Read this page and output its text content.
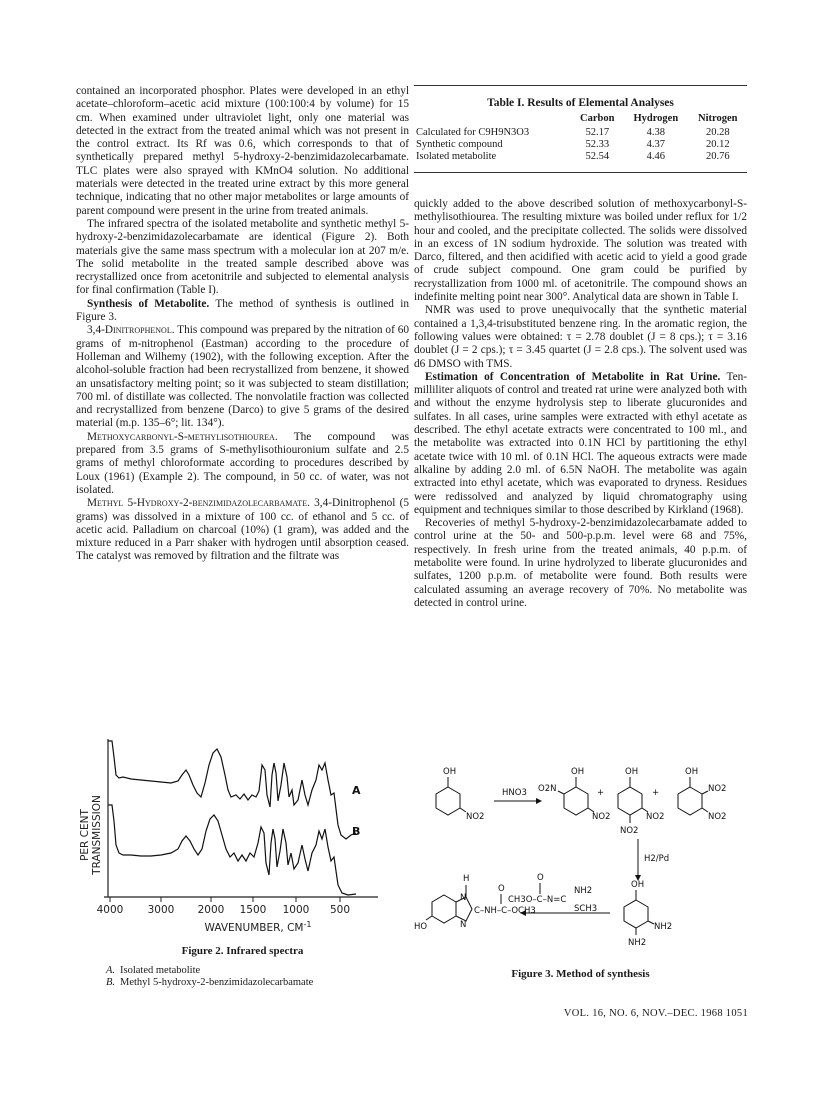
contained an incorporated phosphor. Plates were developed in an ethyl acetate–chloroform–acetic acid mixture (100:100:4 by volume) for 15 cm. When examined under ultraviolet light, only one material was detected in the extract from the treated animal which was not present in the control extract. Its Rf was 0.6, which corresponds to that of synthetically prepared methyl 5-hydroxy-2-benzimidazolecarbamate. TLC plates were also sprayed with KMnO4 solution. No additional materials were detected in the treated urine extract by this more general technique, indicating that no other major metabolites or large amounts of parent compound were present in the urine from treated animals.

The infrared spectra of the isolated metabolite and synthetic methyl 5-hydroxy-2-benzimidazolecarbamate are identical (Figure 2). Both materials give the same mass spectrum with a molecular ion at 207 m/e. The solid metabolite in the treated sample described above was recrystallized once from acetonitrile and subjected to elemental analysis for final confirmation (Table I).

Synthesis of Metabolite. The method of synthesis is outlined in Figure 3.

3,4-Dinitrophenol. This compound was prepared by the nitration of 60 grams of m-nitrophenol (Eastman) according to the procedure of Holleman and Wilhemy (1902), with the following exception. After the alcohol-soluble fraction had been recrystallized from benzene, it showed an unsatisfactory melting point; so it was subjected to steam distillation; 700 ml. of distillate was collected. The nonvolatile fraction was collected and recrystallized from benzene (Darco) to give 5 grams of the desired material (m.p. 135–6°; lit. 134°).

Methoxycarbonyl-S-methylisothiourea. The compound was prepared from 3.5 grams of S-methylisothiouronium sulfate and 2.5 grams of methyl chloroformate according to procedures described by Loux (1961) (Example 2). The compound, in 50 cc. of water, was not isolated.

Methyl 5-Hydroxy-2-benzimidazolecarbamate. 3,4-Dinitrophenol (5 grams) was dissolved in a mixture of 100 cc. of ethanol and 5 cc. of acetic acid. Palladium on charcoal (10%) (1 gram), was added and the mixture reduced in a Parr shaker with hydrogen until absorption ceased. The catalyst was removed by filtration and the filtrate was

Table I. Results of Elemental Analyses
	Carbon	Hydrogen	Nitrogen
Calculated for C9H9N3O3	52.17	4.38	20.28
Synthetic compound	52.33	4.37	20.12
Isolated metabolite	52.54	4.46	20.76

quickly added to the above described solution of methoxycarbonyl-S-methylisothiourea. The resulting mixture was boiled under reflux for 1/2 hour and cooled, and the precipitate collected. The solids were dissolved in an excess of 1N sodium hydroxide. The solution was treated with Darco, filtered, and then acidified with acetic acid to yield a good grade of crude subject compound. One gram could be purified by recrystallization from 1000 ml. of acetonitrile. The compound shows an indefinite melting point near 300°. Analytical data are shown in Table I.

NMR was used to prove unequivocally that the synthetic material contained a 1,3,4-trisubstituted benzene ring. In the aromatic region, the following values were obtained: τ = 2.78 doublet (J = 8 cps.); τ = 3.16 doublet (J = 2 cps.); τ = 3.45 quartet (J = 2.8 cps.). The solvent used was d6 DMSO with TMS.

Estimation of Concentration of Metabolite in Rat Urine. Ten-milliliter aliquots of control and treated rat urine were analyzed both with and without the enzyme hydrolysis step to liberate glucuronides and sulfates. In all cases, urine samples were extracted with ethyl acetate as described. The ethyl acetate extracts were concentrated to 100 ml., and the metabolite was extracted into 0.1N HCl by partitioning the ethyl acetate twice with 10 ml. of 0.1N HCl. The aqueous extracts were made alkaline by adding 2.0 ml. of 6.5N NaOH. The metabolite was again extracted into ethyl acetate, which was evaporated to dryness. Residues were redissolved and analyzed by liquid chromatography using equipment and techniques similar to those described by Kirkland (1968).

Recoveries of methyl 5-hydroxy-2-benzimidazolecarbamate added to control urine at the 50- and 500-p.p.m. level were 68 and 75%, respectively. In fresh urine from the treated animals, 40 p.p.m. of metabolite were found. In urine hydrolyzed to liberate glucuronides and sulfates, 1200 p.p.m. of metabolite were found. Both results were calculated assuming an average recovery of 70%. No metabolite was detected in control urine.

PER CENT TRANSMISSION
A
B
4000 3000 2000 1500 1000 500
WAVENUMBER, $CM^{-1}$
Figure 2. Infrared spectra
A. Isolated metabolite
B. Methyl 5-hydroxy-2-benzimidazolecarbamate
OH
NO2
HNO3
OH
O2N
NO2
+
OH
NO2
NO2
+
OH
NO2
NO2
H2/Pd
OH
NH2
NH2
CH3O–C–N=C
O
NH2
SCH3
H
N
N
HO
C–NH–C–OCH3
O
Figure 3. Method of synthesis
VOL. 16, NO. 6, NOV.–DEC. 1968 1051
